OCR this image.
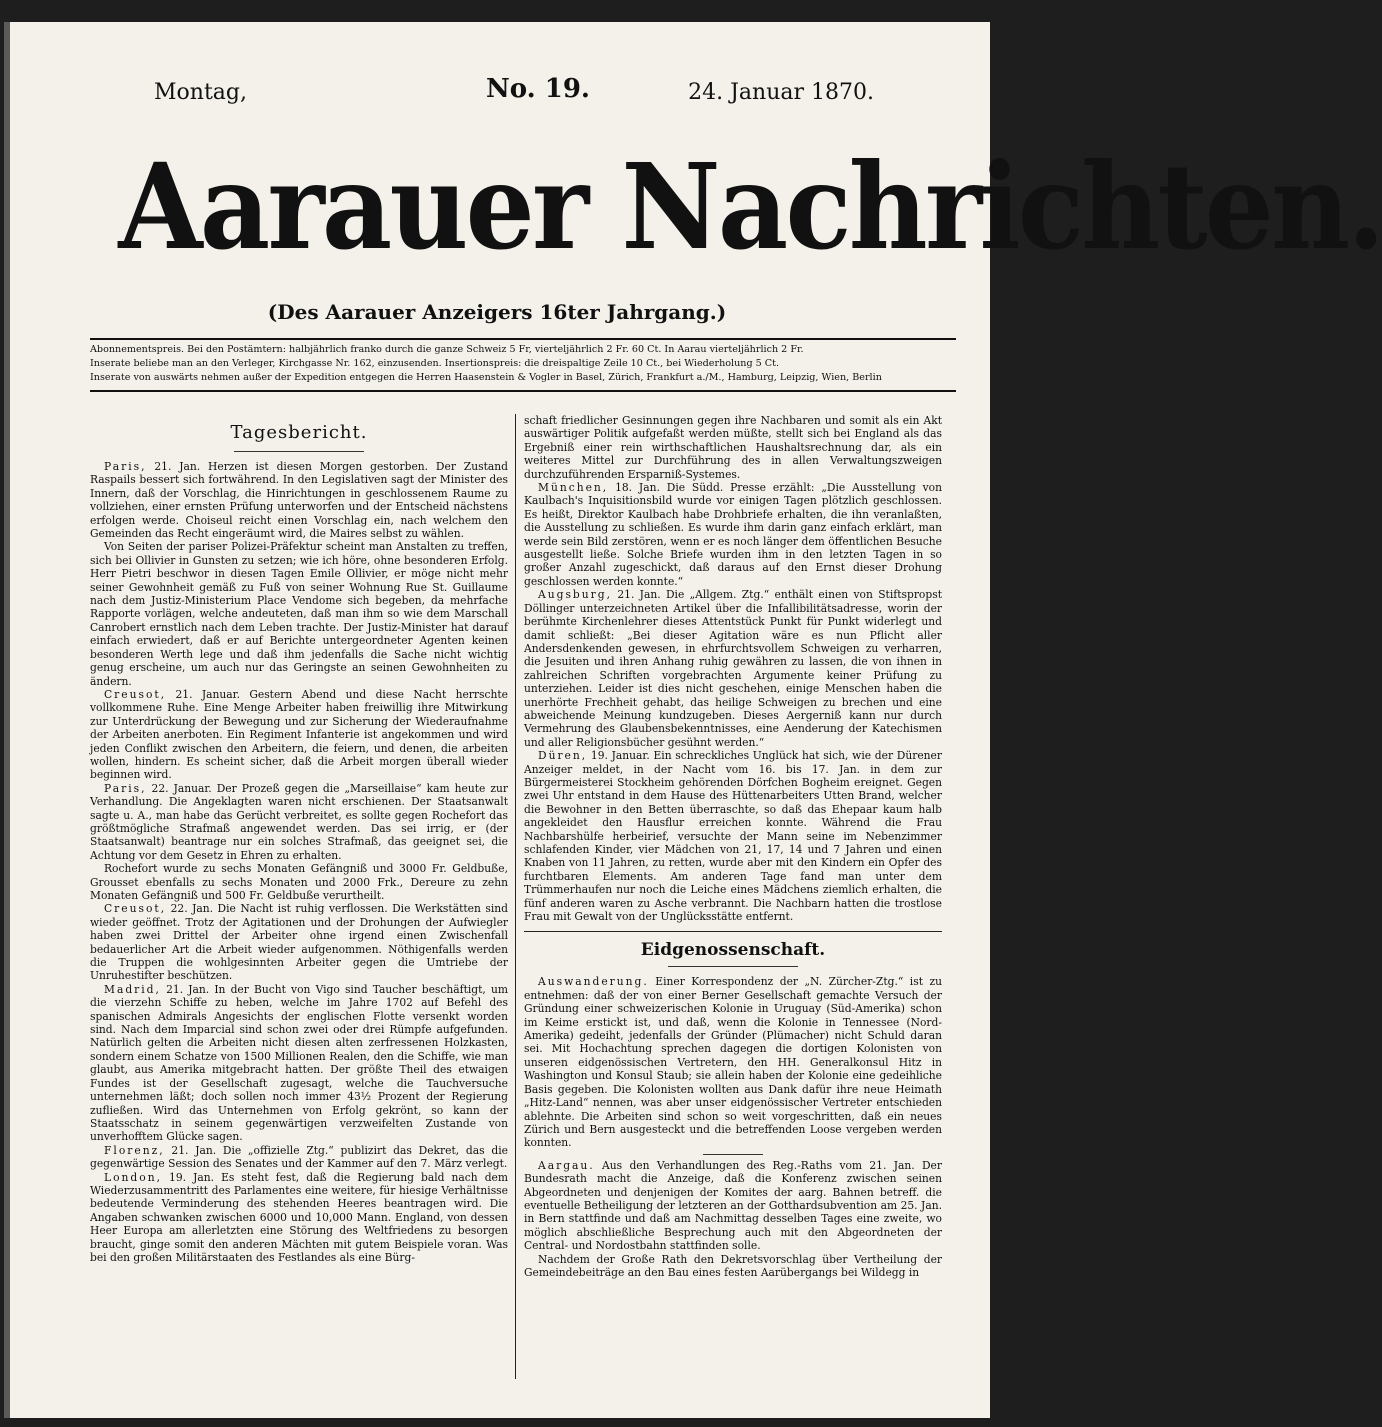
Montag,	No. 19.	24. Januar 1870.
Aarauer Nachrichten.
(Des Aarauer Anzeigers 16ter Jahrgang.)
Abonnementspreis. Bei den Postämtern: halbjährlich franko durch die ganze Schweiz 5 Fr, vierteljährlich 2 Fr. 60 Ct. In Aarau vierteljährlich 2 Fr.
Inserate beliebe man an den Verleger, Kirchgasse Nr. 162, einzusenden. Insertionspreis: die dreispaltige Zeile 10 Ct., bei Wiederholung 5 Ct.
Inserate von auswärts nehmen außer der Expedition entgegen die Herren Haasenstein & Vogler in Basel, Zürich, Frankfurt a./M., Hamburg, Leipzig, Wien, Berlin
Tagesbericht.

Paris, 21. Jan. Herzen ist diesen Morgen gestorben. Der Zustand Raspails bessert sich fortwährend. In den Legislativen sagt der Minister des Innern, daß der Vorschlag, die Hinrichtungen in geschlossenem Raume zu vollziehen, einer ernsten Prüfung unterworfen und der Entscheid nächstens erfolgen werde. Choiseul reicht einen Vorschlag ein, nach welchem den Gemeinden das Recht eingeräumt wird, die Maires selbst zu wählen.

Von Seiten der pariser Polizei-Präfektur scheint man Anstalten zu treffen, sich bei Ollivier in Gunsten zu setzen; wie ich höre, ohne besonderen Erfolg. Herr Pietri beschwor in diesen Tagen Emile Ollivier, er möge nicht mehr seiner Gewohnheit gemäß zu Fuß von seiner Wohnung Rue St. Guillaume nach dem Justiz-Ministerium Place Vendome sich begeben, da mehrfache Rapporte vorlägen, welche andeuteten, daß man ihm so wie dem Marschall Canrobert ernstlich nach dem Leben trachte. Der Justiz-Minister hat darauf einfach erwiedert, daß er auf Berichte untergeordneter Agenten keinen besonderen Werth lege und daß ihm jedenfalls die Sache nicht wichtig genug erscheine, um auch nur das Geringste an seinen Gewohnheiten zu ändern.

Creusot, 21. Januar. Gestern Abend und diese Nacht herrschte vollkommene Ruhe. Eine Menge Arbeiter haben freiwillig ihre Mitwirkung zur Unterdrückung der Bewegung und zur Sicherung der Wiederaufnahme der Arbeiten anerboten. Ein Regiment Infanterie ist angekommen und wird jeden Conflikt zwischen den Arbeitern, die feiern, und denen, die arbeiten wollen, hindern. Es scheint sicher, daß die Arbeit morgen überall wieder beginnen wird.

Paris, 22. Januar. Der Prozeß gegen die „Marseillaise“ kam heute zur Verhandlung. Die Angeklagten waren nicht erschienen. Der Staatsanwalt sagte u. A., man habe das Gerücht verbreitet, es sollte gegen Rochefort das größtmögliche Strafmaß angewendet werden. Das sei irrig, er (der Staatsanwalt) beantrage nur ein solches Strafmaß, das geeignet sei, die Achtung vor dem Gesetz in Ehren zu erhalten.

Rochefort wurde zu sechs Monaten Gefängniß und 3000 Fr. Geldbuße, Grousset ebenfalls zu sechs Monaten und 2000 Frk., Dereure zu zehn Monaten Gefängniß und 500 Fr. Geldbuße verurtheilt.

Creusot, 22. Jan. Die Nacht ist ruhig verflossen. Die Werkstätten sind wieder geöffnet. Trotz der Agitationen und der Drohungen der Aufwiegler haben zwei Drittel der Arbeiter ohne irgend einen Zwischenfall bedauerlicher Art die Arbeit wieder aufgenommen. Nöthigenfalls werden die Truppen die wohlgesinnten Arbeiter gegen die Umtriebe der Unruhestifter beschützen.

Madrid, 21. Jan. In der Bucht von Vigo sind Taucher beschäftigt, um die vierzehn Schiffe zu heben, welche im Jahre 1702 auf Befehl des spanischen Admirals Angesichts der englischen Flotte versenkt worden sind. Nach dem Imparcial sind schon zwei oder drei Rümpfe aufgefunden. Natürlich gelten die Arbeiten nicht diesen alten zerfressenen Holzkasten, sondern einem Schatze von 1500 Millionen Realen, den die Schiffe, wie man glaubt, aus Amerika mitgebracht hatten. Der größte Theil des etwaigen Fundes ist der Gesellschaft zugesagt, welche die Tauchversuche unternehmen läßt; doch sollen noch immer 43½ Prozent der Regierung zufließen. Wird das Unternehmen von Erfolg gekrönt, so kann der Staatsschatz in seinem gegenwärtigen verzweifelten Zustande von unverhofftem Glücke sagen.

Florenz, 21. Jan. Die „offizielle Ztg.“ publizirt das Dekret, das die gegenwärtige Session des Senates und der Kammer auf den 7. März verlegt.

London, 19. Jan. Es steht fest, daß die Regierung bald nach dem Wiederzusammentritt des Parlamentes eine weitere, für hiesige Verhältnisse bedeutende Verminderung des stehenden Heeres beantragen wird. Die Angaben schwanken zwischen 6000 und 10,000 Mann. England, von dessen Heer Europa am allerletzten eine Störung des Weltfriedens zu besorgen braucht, ginge somit den anderen Mächten mit gutem Beispiele voran. Was bei den großen Militärstaaten des Festlandes als eine Bürg-

schaft friedlicher Gesinnungen gegen ihre Nachbaren und somit als ein Akt auswärtiger Politik aufgefaßt werden müßte, stellt sich bei England als das Ergebniß einer rein wirthschaftlichen Haushaltsrechnung dar, als ein weiteres Mittel zur Durchführung des in allen Verwaltungszweigen durchzuführenden Ersparniß-Systemes.

München, 18. Jan. Die Südd. Presse erzählt: „Die Ausstellung von Kaulbach's Inquisitionsbild wurde vor einigen Tagen plötzlich geschlossen. Es heißt, Direktor Kaulbach habe Drohbriefe erhalten, die ihn veranlaßten, die Ausstellung zu schließen. Es wurde ihm darin ganz einfach erklärt, man werde sein Bild zerstören, wenn er es noch länger dem öffentlichen Besuche ausgestellt ließe. Solche Briefe wurden ihm in den letzten Tagen in so großer Anzahl zugeschickt, daß daraus auf den Ernst dieser Drohung geschlossen werden konnte.“

Augsburg, 21. Jan. Die „Allgem. Ztg.“ enthält einen von Stiftspropst Döllinger unterzeichneten Artikel über die Infallibilitätsadresse, worin der berühmte Kirchenlehrer dieses Attentstück Punkt für Punkt widerlegt und damit schließt: „Bei dieser Agitation wäre es nun Pflicht aller Andersdenkenden gewesen, in ehrfurchtsvollem Schweigen zu verharren, die Jesuiten und ihren Anhang ruhig gewähren zu lassen, die von ihnen in zahlreichen Schriften vorgebrachten Argumente keiner Prüfung zu unterziehen. Leider ist dies nicht geschehen, einige Menschen haben die unerhörte Frechheit gehabt, das heilige Schweigen zu brechen und eine abweichende Meinung kundzugeben. Dieses Aergerniß kann nur durch Vermehrung des Glaubensbekenntnisses, eine Aenderung der Katechismen und aller Religionsbücher gesühnt werden.“

Düren, 19. Januar. Ein schreckliches Unglück hat sich, wie der Dürener Anzeiger meldet, in der Nacht vom 16. bis 17. Jan. in dem zur Bürgermeisterei Stockheim gehörenden Dörfchen Bogheim ereignet. Gegen zwei Uhr entstand in dem Hause des Hüttenarbeiters Utten Brand, welcher die Bewohner in den Betten überraschte, so daß das Ehepaar kaum halb angekleidet den Hausflur erreichen konnte. Während die Frau Nachbarshülfe herbeirief, versuchte der Mann seine im Nebenzimmer schlafenden Kinder, vier Mädchen von 21, 17, 14 und 7 Jahren und einen Knaben von 11 Jahren, zu retten, wurde aber mit den Kindern ein Opfer des furchtbaren Elements. Am anderen Tage fand man unter dem Trümmerhaufen nur noch die Leiche eines Mädchens ziemlich erhalten, die fünf anderen waren zu Asche verbrannt. Die Nachbarn hatten die trostlose Frau mit Gewalt von der Unglücksstätte entfernt.

Eidgenossenschaft.

Auswanderung. Einer Korrespondenz der „N. Zürcher-Ztg.“ ist zu entnehmen: daß der von einer Berner Gesellschaft gemachte Versuch der Gründung einer schweizerischen Kolonie in Uruguay (Süd-Amerika) schon im Keime erstickt ist, und daß, wenn die Kolonie in Tennessee (Nord-Amerika) gedeiht, jedenfalls der Gründer (Plümacher) nicht Schuld daran sei. Mit Hochachtung sprechen dagegen die dortigen Kolonisten von unseren eidgenössischen Vertretern, den HH. Generalkonsul Hitz in Washington und Konsul Staub; sie allein haben der Kolonie eine gedeihliche Basis gegeben. Die Kolonisten wollten aus Dank dafür ihre neue Heimath „Hitz-Land“ nennen, was aber unser eidgenössischer Vertreter entschieden ablehnte. Die Arbeiten sind schon so weit vorgeschritten, daß ein neues Zürich und Bern ausgesteckt und die betreffenden Loose vergeben werden konnten.

Aargau. Aus den Verhandlungen des Reg.-Raths vom 21. Jan. Der Bundesrath macht die Anzeige, daß die Konferenz zwischen seinen Abgeordneten und denjenigen der Komites der aarg. Bahnen betreff. die eventuelle Betheiligung der letzteren an der Gotthardsubvention am 25. Jan. in Bern stattfinde und daß am Nachmittag desselben Tages eine zweite, wo möglich abschließliche Besprechung auch mit den Abgeordneten der Central- und Nordostbahn stattfinden solle.

Nachdem der Große Rath den Dekretsvorschlag über Vertheilung der Gemeindebeiträge an den Bau eines festen Aarübergangs bei Wildegg in
